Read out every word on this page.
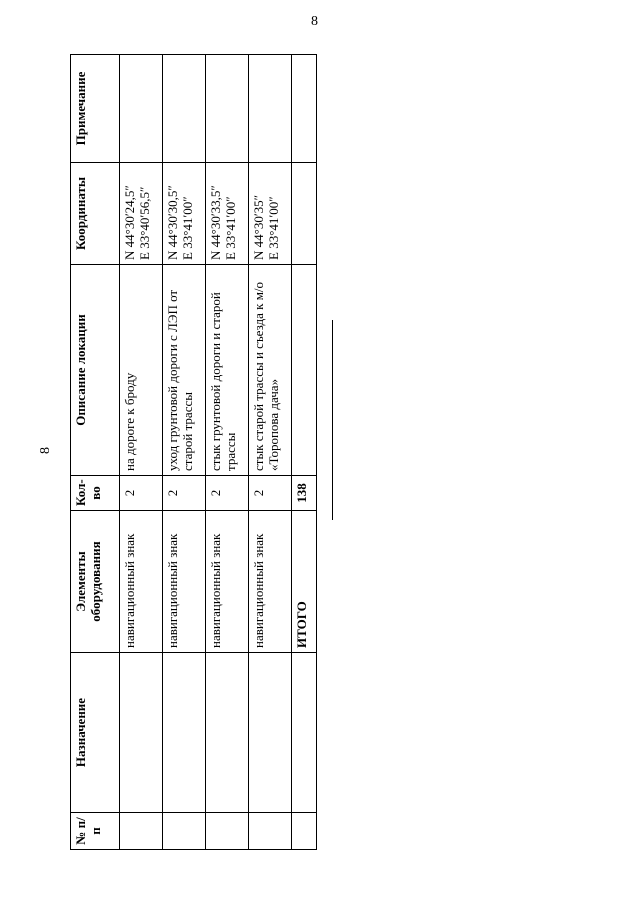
8
8
№ п/п	Назначение	Элементы оборудования	Кол-во	Описание локации	Координаты	Примечание
		навигационный знак	2	на дороге к броду	N 44°30′24,5″ E 33°40′56,5″	

		навигационный знак	2	уход грунтовой дороги с ЛЭП от старой трассы	N 44°30′30,5″ E 33°41′00″	

		навигационный знак	2	стык грунтовой дороги и старой трассы	N 44°30′33,5″ E 33°41′00″	

		навигационный знак	2	стык старой трассы и съезда к м/о «Торопова дача»	N 44°30′35″ E 33°41′00″	

		ИТОГО	138			
